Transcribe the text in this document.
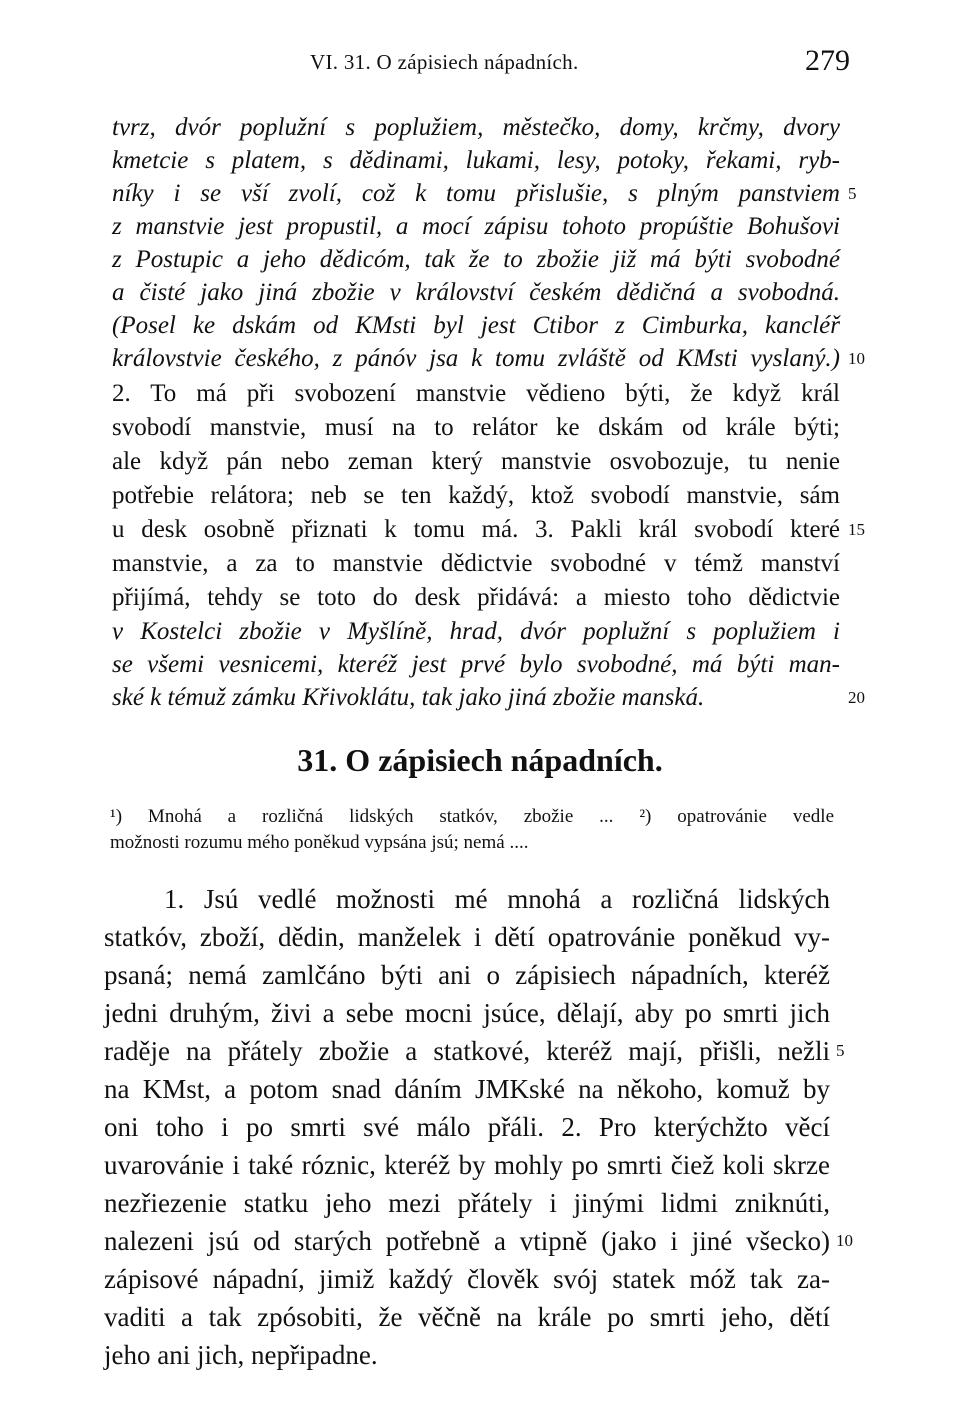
VI. 31. O zápisiech nápadních.	279
tvrz, dvór poplužní s poplužiem, městečko, domy, krčmy, dvory
kmetcie s platem, s dědinami, lukami, lesy, potoky, řekami, ryb-
níky i se vší zvolí, což k tomu přislušie, s plným panstviem 5
z manstvie jest propustil, a mocí zápisu tohoto propúštie Bohušovi
z Postupic a jeho dědicóm, tak že to zbožie již má býti svobodné
a čisté jako jiná zbožie v království českém dědičná a svobodná.
(Posel ke dskám od KMsti byl jest Ctibor z Cimburka, kancléř
královstvie českého, z pánóv jsa k tomu zvláště od KMsti vyslaný.) 10
2. To má při svobození manstvie vědieno býti, že když král
svobodí manstvie, musí na to relátor ke dskám od krále býti;
ale když pán nebo zeman který manstvie osvobozuje, tu nenie
potřebie relátora; neb se ten každý, ktož svobodí manstvie, sám
u desk osobně přiznati k tomu má. 3. Pakli král svobodí které 15
manstvie, a za to manstvie dědictvie svobodné v témž manství
přijímá, tehdy se toto do desk přidává: a miesto toho dědictvie
v Kostelci zbožie v Myšlíně, hrad, dvór poplužní s poplužiem i
se všemi vesnicemi, kteréž jest prvé bylo svobodné, má býti man-
ské k témuž zámku Křivoklátu, tak jako jiná zbožie manská.	20
31. O zápisiech nápadních.
¹) Mnohá a rozličná lidských statkóv, zbožie ... ²) opatrovánie vedle
možnosti rozumu mého poněkud vypsána jsú; nemá ....
1. Jsú vedlé možnosti mé mnohá a rozličná lidských
statkóv, zboží, dědin, manželek i dětí opatrovánie poněkud vy-
psaná; nemá zamlčáno býti ani o zápisiech nápadních, kteréž
jedni druhým, živi a sebe mocni jsúce, dělají, aby po smrti jich
raděje na přátely zbožie a statkové, kteréž mají, přišli, nežli 5
na KMst, a potom snad dáním JMKské na někoho, komuž by
oni toho i po smrti své málo přáli. 2. Pro kterýchžto věcí
uvarovánie i také róznic, kteréž by mohly po smrti čiež koli skrze
nezřiezenie statku jeho mezi přátely i jinými lidmi zniknúti,
nalezeni jsú od starých potřebně a vtipně (jako i jiné všecko) 10
zápisové nápadní, jimiž každý člověk svój statek móž tak za-
vaditi a tak zpósobiti, že věčně na krále po smrti jeho, dětí
jeho ani jich, nepřipadne.
